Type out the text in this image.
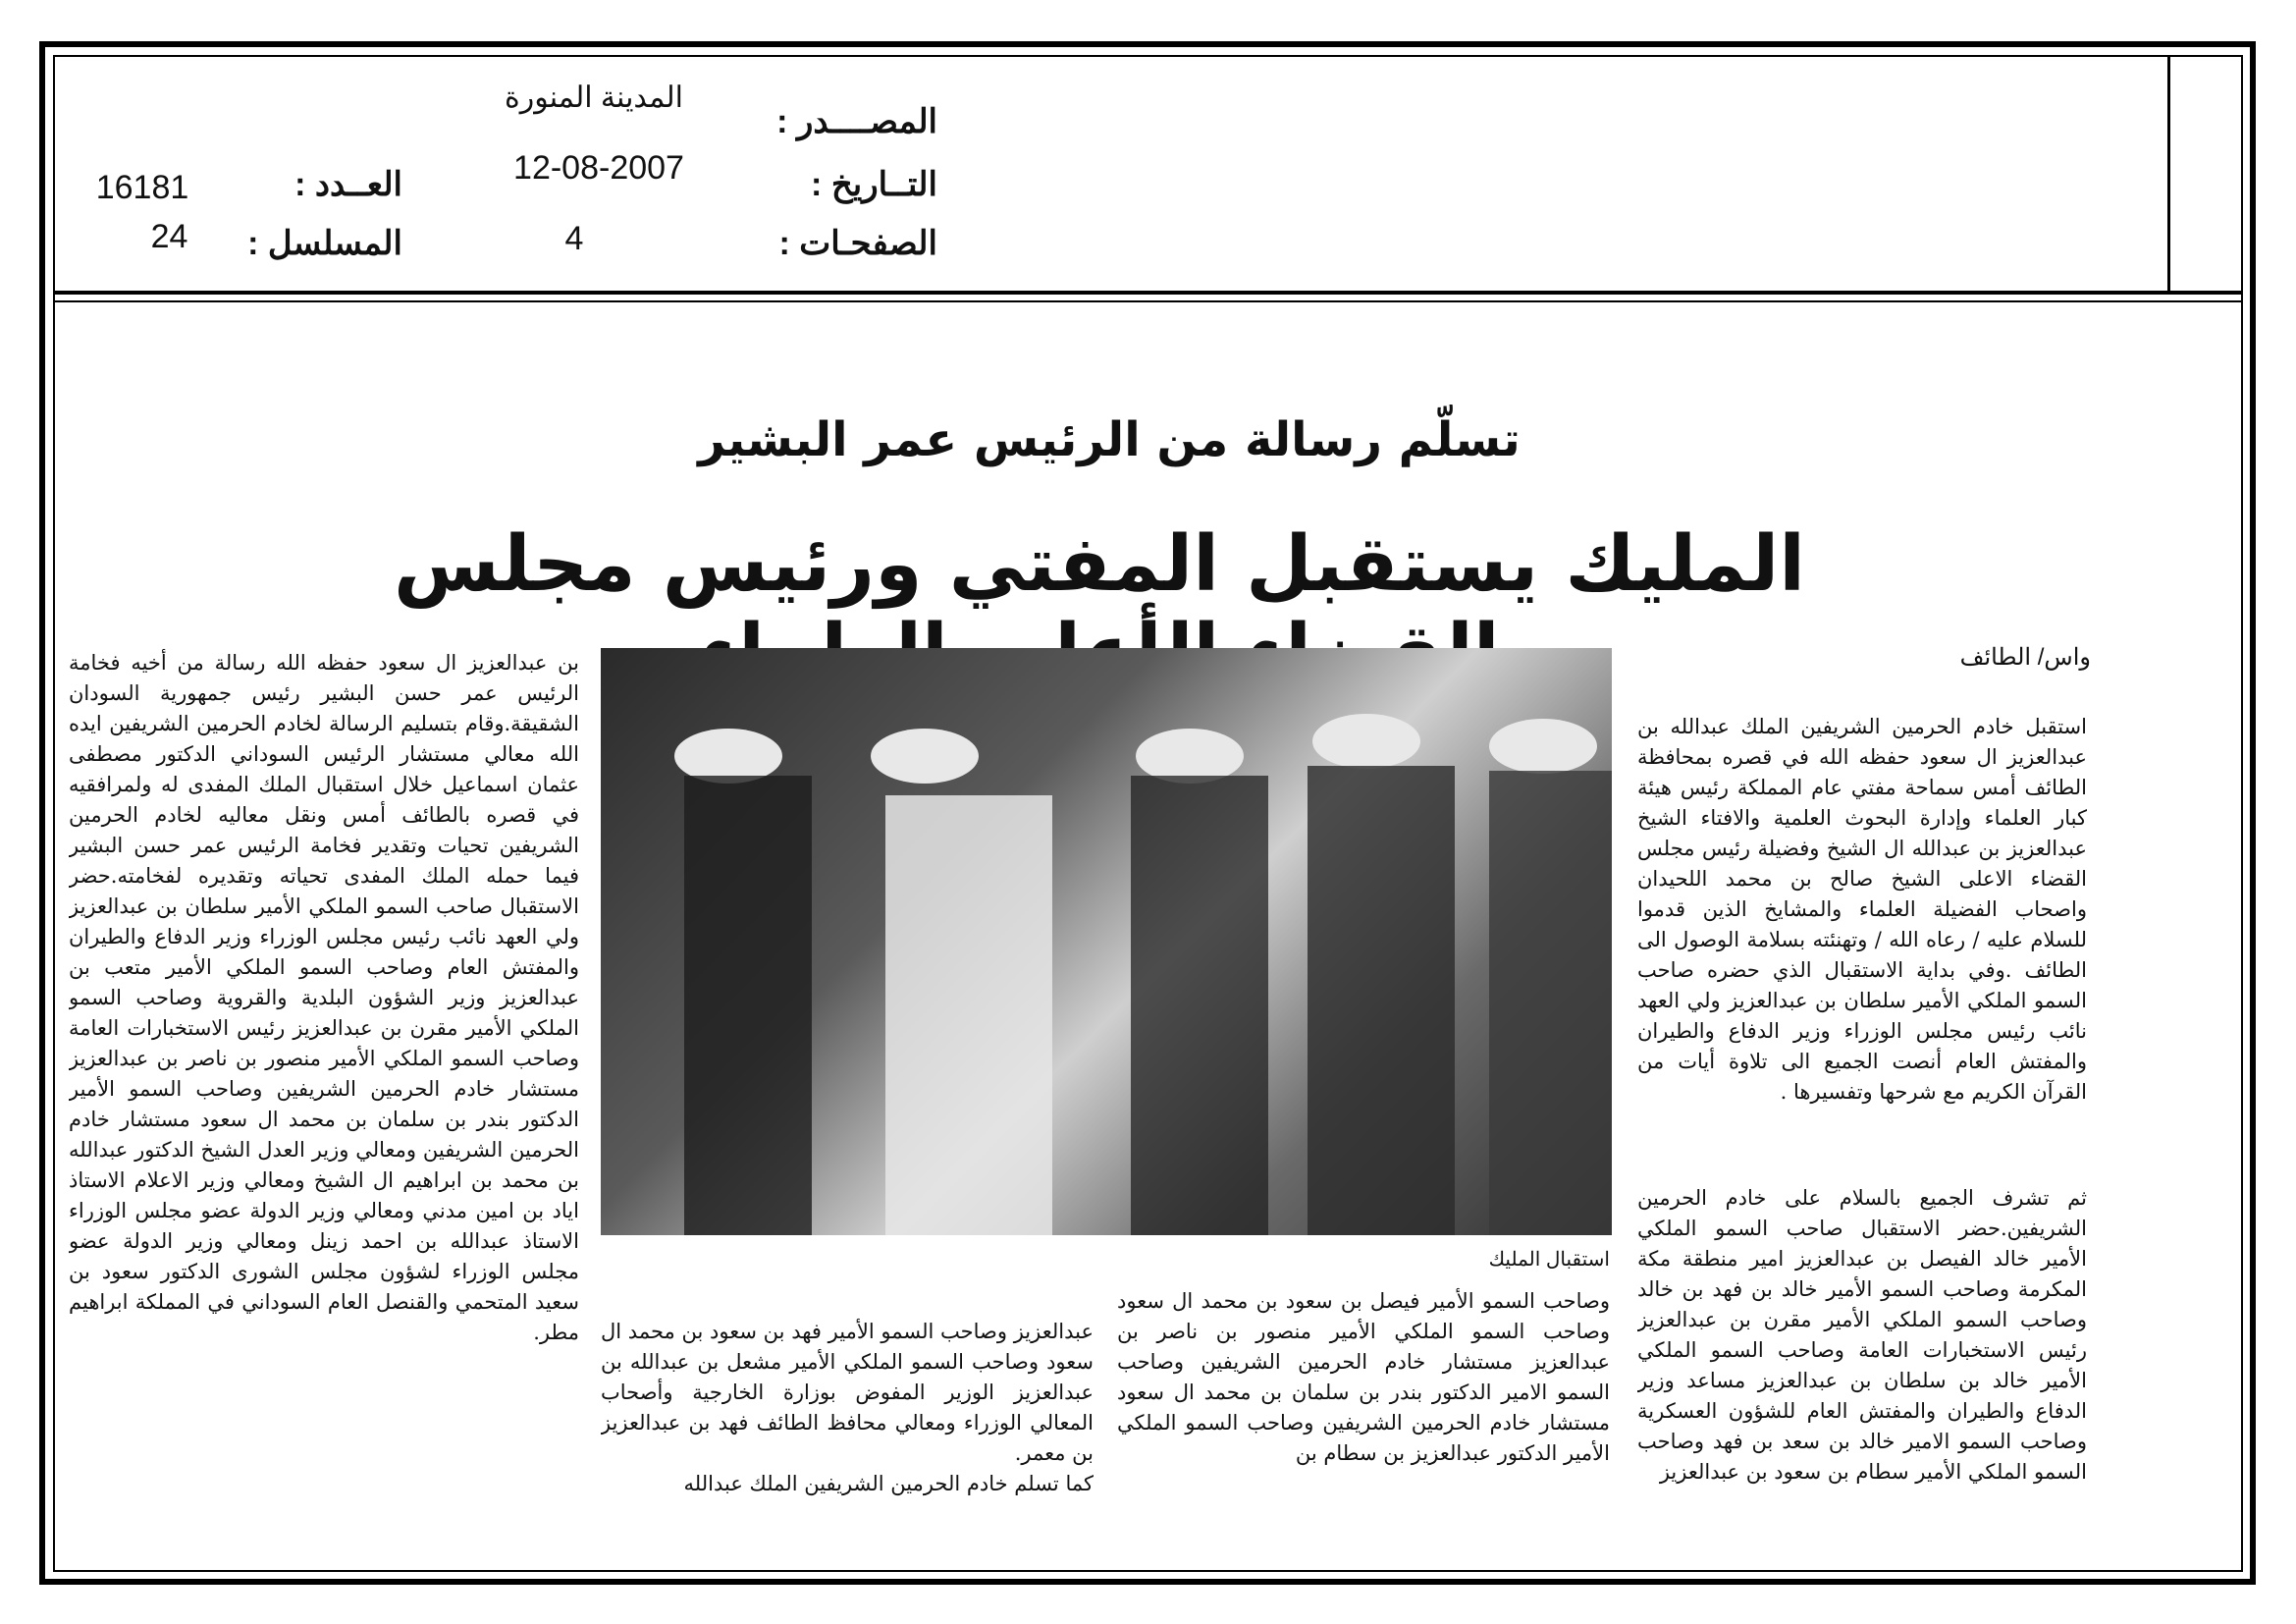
المصــــدر :
المدينة المنورة
التــاريخ :
12-08-2007
الصفحـات :
4
العــدد :
16181
المسلسل :
24
تسلّم رسالة من الرئيس عمر البشير
المليك يستقبل المفتي ورئيس مجلس
واس/ الطائف
استقبال المليك

استقبل خادم الحرمين الشريفين الملك عبدالله بن عبدالعزيز ال سعود حفظه الله في قصره بمحافظة الطائف أمس سماحة مفتي عام المملكة رئيس هيئة كبار العلماء وإدارة البحوث العلمية والافتاء الشيخ عبدالعزيز بن عبدالله ال الشيخ وفضيلة رئيس مجلس القضاء الاعلى الشيخ صالح بن محمد اللحيدان واصحاب الفضيلة العلماء والمشايخ الذين قدموا للسلام عليه / رعاه الله / وتهنئته بسلامة الوصول الى الطائف .وفي بداية الاستقبال الذي حضره صاحب السمو الملكي الأمير سلطان بن عبدالعزيز ولي العهد نائب رئيس مجلس الوزراء وزير الدفاع والطيران والمفتش العام أنصت الجميع الى تلاوة أيات من القرآن الكريم مع شرحها وتفسيرها .

ثم تشرف الجميع بالسلام على خادم الحرمين الشريفين.حضر الاستقبال صاحب السمو الملكي الأمير خالد الفيصل بن عبدالعزيز امير منطقة مكة المكرمة وصاحب السمو الأمير خالد بن فهد بن خالد وصاحب السمو الملكي الأمير مقرن بن عبدالعزيز رئيس الاستخبارات العامة وصاحب السمو الملكي الأمير خالد بن سلطان بن عبدالعزيز مساعد وزير الدفاع والطيران والمفتش العام للشؤون العسكرية وصاحب السمو الامير خالد بن سعد بن فهد وصاحب السمو الملكي الأمير سطام بن سعود بن عبدالعزيز

وصاحب السمو الأمير فيصل بن سعود بن محمد ال سعود وصاحب السمو الملكي الأمير منصور بن ناصر بن عبدالعزيز مستشار خادم الحرمين الشريفين وصاحب السمو الامير الدكتور بندر بن سلمان بن محمد ال سعود مستشار خادم الحرمين الشريفين وصاحب السمو الملكي الأمير الدكتور عبدالعزيز بن سطام بن

عبدالعزيز وصاحب السمو الأمير فهد بن سعود بن محمد ال سعود وصاحب السمو الملكي الأمير مشعل بن عبدالله بن عبدالعزيز الوزير المفوض بوزارة الخارجية وأصحاب المعالي الوزراء ومعالي محافظ الطائف فهد بن عبدالعزيز بن معمر.
كما تسلم خادم الحرمين الشريفين الملك عبدالله

بن عبدالعزيز ال سعود حفظه الله رسالة من أخيه فخامة الرئيس عمر حسن البشير رئيس جمهورية السودان الشقيقة.وقام بتسليم الرسالة لخادم الحرمين الشريفين ايده الله معالي مستشار الرئيس السوداني الدكتور مصطفى عثمان اسماعيل خلال استقبال الملك المفدى له ولمرافقيه في قصره بالطائف أمس ونقل معاليه لخادم الحرمين الشريفين تحيات وتقدير فخامة الرئيس عمر حسن البشير فيما حمله الملك المفدى تحياته وتقديره لفخامته.حضر الاستقبال صاحب السمو الملكي الأمير سلطان بن عبدالعزيز ولي العهد نائب رئيس مجلس الوزراء وزير الدفاع والطيران والمفتش العام وصاحب السمو الملكي الأمير متعب بن عبدالعزيز وزير الشؤون البلدية والقروية وصاحب السمو الملكي الأمير مقرن بن عبدالعزيز رئيس الاستخبارات العامة وصاحب السمو الملكي الأمير منصور بن ناصر بن عبدالعزيز مستشار خادم الحرمين الشريفين وصاحب السمو الأمير الدكتور بندر بن سلمان بن محمد ال سعود مستشار خادم الحرمين الشريفين ومعالي وزير العدل الشيخ الدكتور عبدالله بن محمد بن ابراهيم ال الشيخ ومعالي وزير الاعلام الاستاذ اياد بن امين مدني ومعالي وزير الدولة عضو مجلس الوزراء الاستاذ عبدالله بن احمد زينل ومعالي وزير الدولة عضو مجلس الوزراء لشؤون مجلس الشورى الدكتور سعود بن سعيد المتحمي والقنصل العام السوداني في المملكة ابراهيم مطر.
